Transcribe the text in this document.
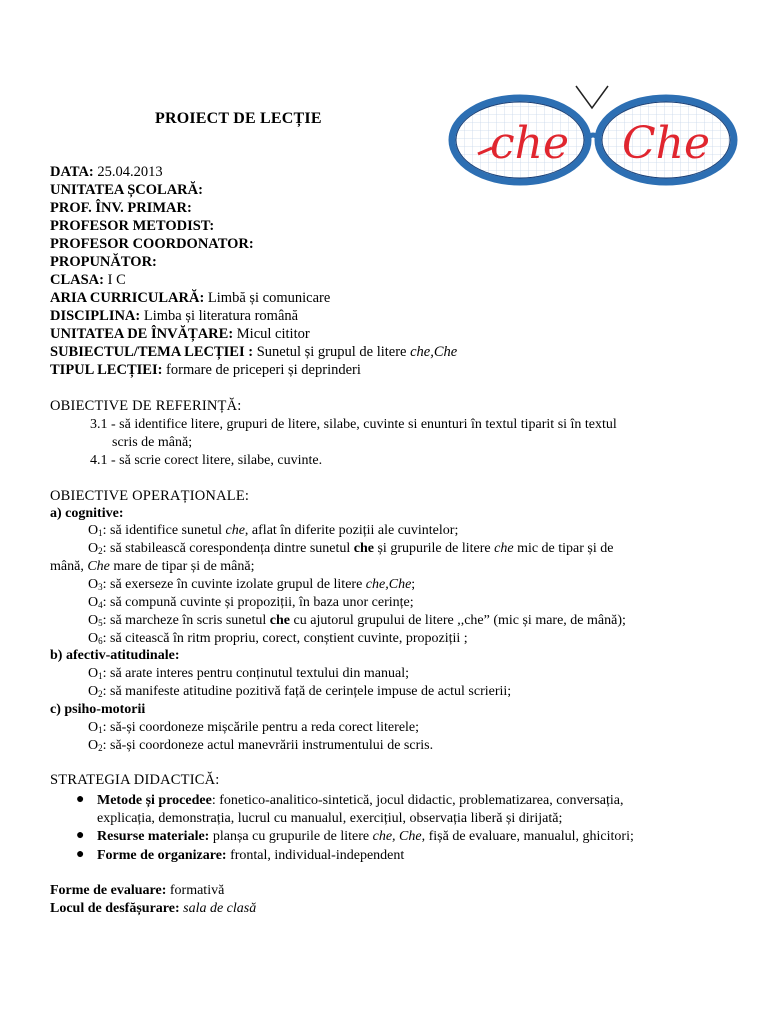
PROIECT DE LECȚIE	che Che
DATA: 25.04.2013
UNITATEA ȘCOLARĂ:
PROF. ÎNV. PRIMAR:
PROFESOR METODIST:
PROFESOR COORDONATOR:
PROPUNĂTOR:
CLASA: I C
ARIA CURRICULARĂ: Limbă și comunicare
DISCIPLINA: Limba și literatura română
UNITATEA DE ÎNVĂȚARE: Micul cititor
SUBIECTUL/TEMA LECȚIEI : Sunetul și grupul de litere che,Che
TIPUL LECȚIEI: formare de priceperi și deprinderi
OBIECTIVE DE REFERINȚĂ:
3.1 - să identifice litere, grupuri de litere, silabe, cuvinte si enunturi în textul tiparit si în textul
scris de mână;
4.1 - să scrie corect litere, silabe, cuvinte.
OBIECTIVE OPERAȚIONALE:
a) cognitive:
$O_1$: să identifice sunetul che, aflat în diferite poziții ale cuvintelor;
$O_2$: să stabilească corespondența dintre sunetul che și grupurile de litere che mic de tipar și de
mână, Che mare de tipar și de mână;
$O_3$: să exerseze în cuvinte izolate grupul de litere che,Che;
$O_4$: să compună cuvinte și propoziții, în baza unor cerințe;
$O_5$: să marcheze în scris sunetul che cu ajutorul grupului de litere ,,che” (mic și mare, de mână);
$O_6$: să citească în ritm propriu, corect, conștient cuvinte, propoziții ;
b) afectiv-atitudinale:
$O_1$: să arate interes pentru conținutul textului din manual;
$O_2$: să manifeste atitudine pozitivă față de cerințele impuse de actul scrierii;
c) psiho-motorii
$O_1$: să-și coordoneze mișcările pentru a reda corect literele;
$O_2$: să-și coordoneze actul manevrării instrumentului de scris.
STRATEGIA DIDACTICĂ:
● Metode și procedee: fonetico-analitico-sintetică, jocul didactic, problematizarea, conversația,
explicația, demonstrația, lucrul cu manualul, exercițiul, observația liberă și dirijată;
● Resurse materiale: planșa cu grupurile de litere che, Che, fișă de evaluare, manualul, ghicitori;
● Forme de organizare: frontal, individual-independent
Forme de evaluare: formativă
Locul de desfășurare: sala de clasă
